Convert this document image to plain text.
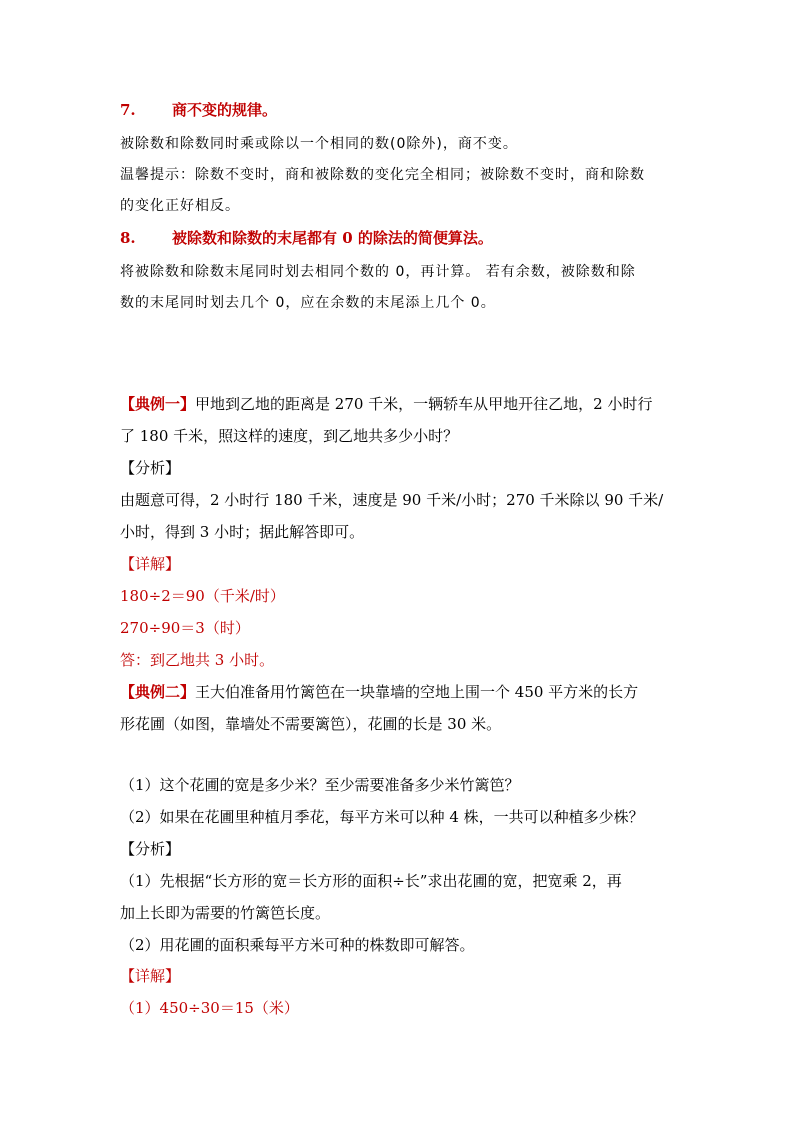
7. 商不变的规律。
被除数和除数同时乘或除以一个相同的数(0除外)，商不变。
温馨提示：除数不变时，商和被除数的变化完全相同；被除数不变时，商和除数
的变化正好相反。
8. 被除数和除数的末尾都有 0 的除法的简便算法。
将被除数和除数末尾同时划去相同个数的 0，再计算。 若有余数，被除数和除
数的末尾同时划去几个 0，应在余数的末尾添上几个 0。
【典例一】甲地到乙地的距离是 270 千米，一辆轿车从甲地开往乙地，2 小时行
了 180 千米，照这样的速度，到乙地共多少小时？
【分析】
由题意可得，2 小时行 180 千米，速度是 90 千米/小时；270 千米除以 90 千米/
小时，得到 3 小时；据此解答即可。
【详解】
180÷2＝90（千米/时）
270÷90＝3（时）
答：到乙地共 3 小时。
【典例二】王大伯准备用竹篱笆在一块靠墙的空地上围一个 450 平方米的长方
形花圃（如图，靠墙处不需要篱笆），花圃的长是 30 米。
（1）这个花圃的宽是多少米？至少需要准备多少米竹篱笆？
（2）如果在花圃里种植月季花，每平方米可以种 4 株，一共可以种植多少株？
【分析】
（1）先根据“长方形的宽＝长方形的面积÷长”求出花圃的宽，把宽乘 2，再
加上长即为需要的竹篱笆长度。
（2）用花圃的面积乘每平方米可种的株数即可解答。
【详解】
（1）450÷30＝15（米）
